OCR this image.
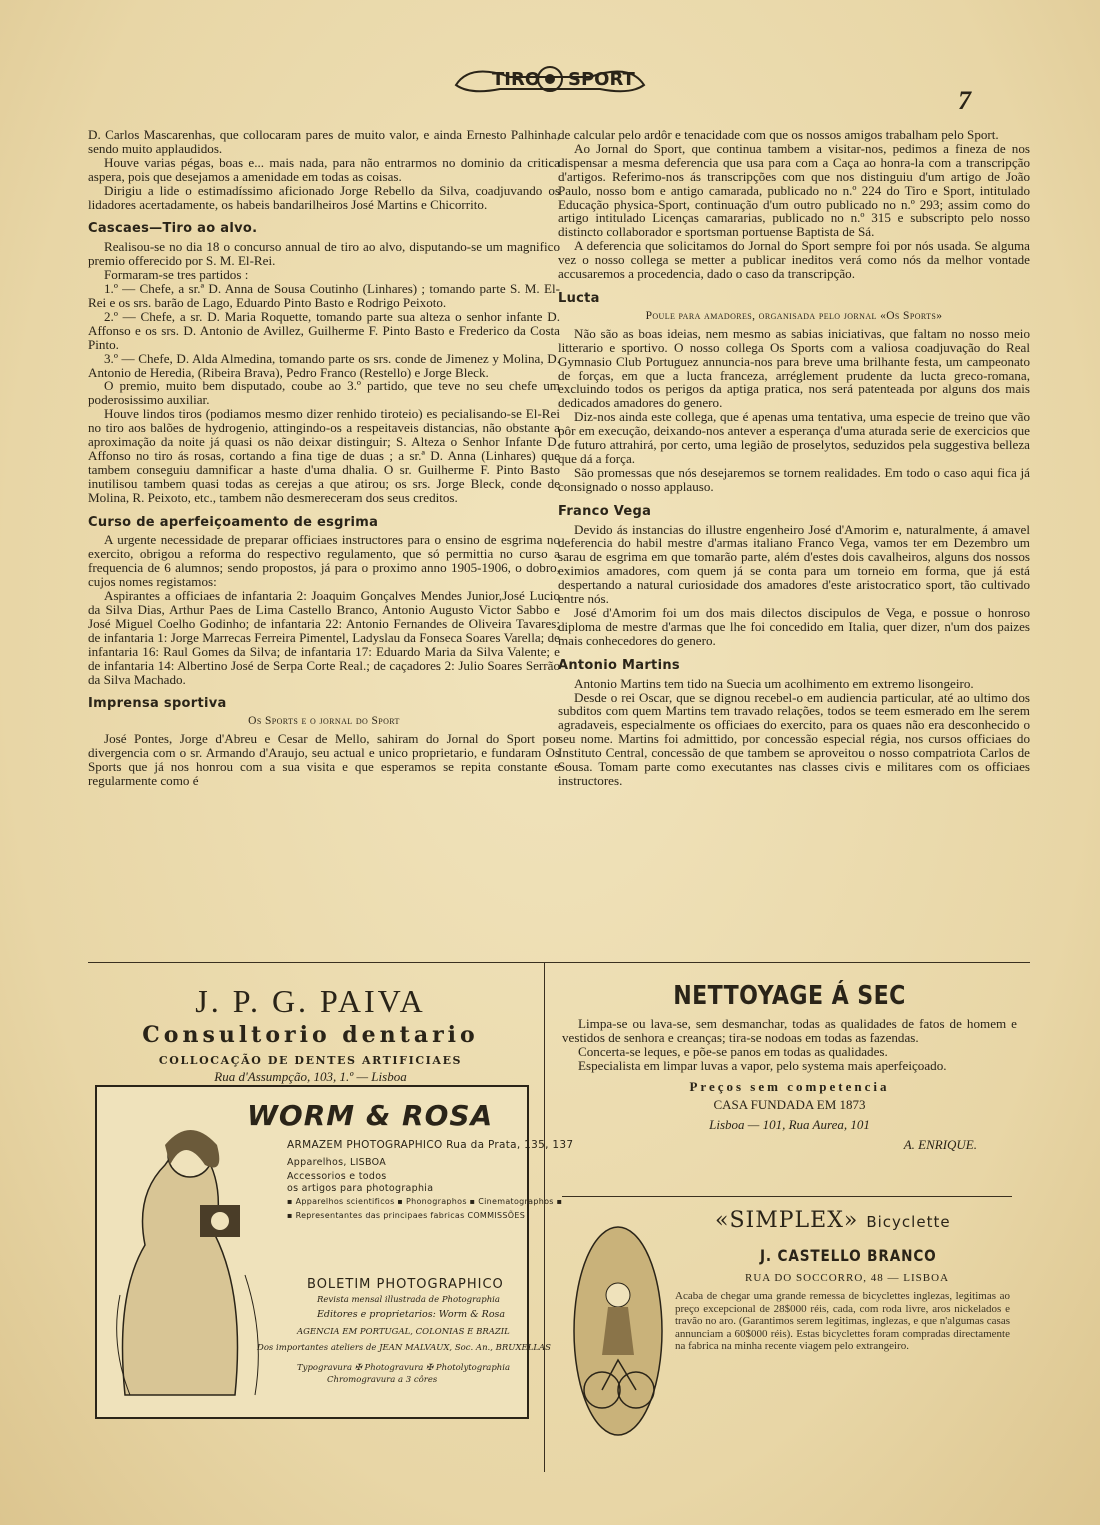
TIRO SPORT
7

D. Carlos Mascarenhas, que collocaram pares de muito valor, e ainda Ernesto Palhinha, sendo muito applaudidos.

Houve varias pégas, boas e... mais nada, para não entrarmos no dominio da critica aspera, pois que desejamos a amenidade em todas as coisas.

Dirigiu a lide o estimadíssimo aficionado Jorge Rebello da Silva, coadjuvando os lidadores acertadamente, os habeis bandarilheiros José Martins e Chicorrito.

Cascaes—Tiro ao alvo.

Realisou-se no dia 18 o concurso annual de tiro ao alvo, disputando-se um magnifico premio offerecido por S. M. El-Rei.

Formaram-se tres partidos :

1.º — Chefe, a sr.ª D. Anna de Sousa Coutinho (Linhares) ; tomando parte S. M. El-Rei e os srs. barão de Lago, Eduardo Pinto Basto e Rodrigo Peixoto.

2.º — Chefe, a sr. D. Maria Roquette, tomando parte sua alteza o senhor infante D. Affonso e os srs. D. Antonio de Avillez, Guilherme F. Pinto Basto e Frederico da Costa Pinto.

3.º — Chefe, D. Alda Almedina, tomando parte os srs. conde de Jimenez y Molina, D. Antonio de Heredia, (Ribeira Brava), Pedro Franco (Restello) e Jorge Bleck.

O premio, muito bem disputado, coube ao 3.º partido, que teve no seu chefe um poderosissimo auxiliar.

Houve lindos tiros (podiamos mesmo dizer renhido tiroteio) es pecialisando-se El-Rei no tiro aos balões de hydrogenio, attingindo-os a respeitaveis distancias, não obstante a aproximação da noite já quasi os não deixar distinguir; S. Alteza o Senhor Infante D. Affonso no tiro ás rosas, cortando a fina tige de duas ; a sr.ª D. Anna (Linhares) que tambem conseguiu damnificar a haste d'uma dhalia. O sr. Guilherme F. Pinto Basto inutilisou tambem quasi todas as cerejas a que atirou; os srs. Jorge Bleck, conde de Molina, R. Peixoto, etc., tambem não desmereceram dos seus creditos.

Curso de aperfeiçoamento de esgrima

A urgente necessidade de preparar officiaes instructores para o ensino de esgrima no exercito, obrigou a reforma do respectivo regulamento, que só permittia no curso a frequencia de 6 alumnos; sendo propostos, já para o proximo anno 1905-1906, o dobro, cujos nomes registamos:

Aspirantes a officiaes de infantaria 2: Joaquim Gonçalves Mendes Junior,José Lucio da Silva Dias, Arthur Paes de Lima Castello Branco, Antonio Augusto Victor Sabbo e José Miguel Coelho Godinho; de infantaria 22: Antonio Fernandes de Oliveira Tavares; de infantaria 1: Jorge Marrecas Ferreira Pimentel, Ladyslau da Fonseca Soares Varella; de infantaria 16: Raul Gomes da Silva; de infantaria 17: Eduardo Maria da Silva Valente; e de infantaria 14: Albertino José de Serpa Corte Real.; de caçadores 2: Julio Soares Serrão da Silva Machado.

Imprensa sportiva

Os Sports e o jornal do Sport

José Pontes, Jorge d'Abreu e Cesar de Mello, sahiram do Jornal do Sport por divergencia com o sr. Armando d'Araujo, seu actual e unico proprietario, e fundaram Os Sports que já nos honrou com a sua visita e que esperamos se repita constante e regularmente como é

de calcular pelo ardôr e tenacidade com que os nossos amigos trabalham pelo Sport.

Ao Jornal do Sport, que continua tambem a visitar-nos, pedimos a fineza de nos dispensar a mesma deferencia que usa para com a Caça ao honra-la com a transcripção d'artigos. Referimo-nos ás transcripções com que nos distinguiu d'um artigo de João Paulo, nosso bom e antigo camarada, publicado no n.º 224 do Tiro e Sport, intitulado Educação physica-Sport, continuação d'um outro publicado no n.º 293; assim como do artigo intitulado Licenças camararias, publicado no n.º 315 e subscripto pelo nosso distincto collaborador e sportsman portuense Baptista de Sá.

A deferencia que solicitamos do Jornal do Sport sempre foi por nós usada. Se alguma vez o nosso collega se metter a publicar ineditos verá como nós da melhor vontade accusaremos a procedencia, dado o caso da transcripção.

Lucta

Poule para amadores, organisada pelo jornal «Os Sports»

Não são as boas ideias, nem mesmo as sabias iniciativas, que faltam no nosso meio litterario e sportivo. O nosso collega Os Sports com a valiosa coadjuvação do Real Gymnasio Club Portuguez annuncia-nos para breve uma brilhante festa, um campeonato de forças, em que a lucta franceza, arréglement prudente da lucta greco-romana, excluindo todos os perigos da aptiga pratica, nos será patenteada por alguns dos mais dedicados amadores do genero.

Diz-nos ainda este collega, que é apenas uma tentativa, uma especie de treino que vão pôr em execução, deixando-nos antever a esperança d'uma aturada serie de exercicios que de futuro attrahirá, por certo, uma legião de proselytos, seduzidos pela suggestiva belleza que dá a força.

São promessas que nós desejaremos se tornem realidades. Em todo o caso aqui fica já consignado o nosso applauso.

Franco Vega

Devido ás instancias do illustre engenheiro José d'Amorim e, naturalmente, á amavel deferencia do habil mestre d'armas italiano Franco Vega, vamos ter em Dezembro um sarau de esgrima em que tomarão parte, além d'estes dois cavalheiros, alguns dos nossos eximios amadores, com quem já se conta para um torneio em forma, que já está despertando a natural curiosidade dos amadores d'este aristocratico sport, tão cultivado entre nós.

José d'Amorim foi um dos mais dilectos discipulos de Vega, e possue o honroso diploma de mestre d'armas que lhe foi concedido em Italia, quer dizer, n'um dos paizes mais conhecedores do genero.

Antonio Martins

Antonio Martins tem tido na Suecia um acolhimento em extremo lisongeiro.

Desde o rei Oscar, que se dignou recebel-o em audiencia particular, até ao ultimo dos subditos com quem Martins tem travado relações, todos se teem esmerado em lhe serem agradaveis, especialmente os officiaes do exercito, para os quaes não era desconhecido o seu nome. Martins foi admittido, por concessão especial régia, nos cursos officiaes do Instituto Central, concessão de que tambem se aproveitou o nosso compatriota Carlos de Sousa. Tomam parte como executantes nas classes civis e militares com os officiaes instructores.

J. P. G. PAIVA
Consultorio dentario
COLLOCAÇÃO DE DENTES ARTIFICIAES
Rua d'Assumpção, 103, 1.º — Lisboa
WORM & ROSA
ARMAZEM PHOTOGRAPHICO Rua da Prata, 135, 137
Apparelhos, LISBOA
Accessorios e todos
os artigos para photographia
▪ Apparelhos scientificos ▪ Phonographos ▪ Cinematographos ▪
▪ Representantes das principaes fabricas COMMISSÕES
BOLETIM PHOTOGRAPHICO
Revista mensal illustrada de Photographia
Editores e proprietarios: Worm & Rosa
AGENCIA EM PORTUGAL, COLONIAS E BRAZIL
Dos importantes ateliers de JEAN MALVAUX, Soc. An., BRUXELLAS
Typogravura ✠ Photogravura ✠ Photolytographia
Chromogravura a 3 côres
NETTOYAGE Á SEC

Limpa-se ou lava-se, sem desmanchar, todas as qualidades de fatos de homem e vestidos de senhora e creanças; tira-se nodoas em todas as fazendas.

Concerta-se leques, e põe-se panos em todas as qualidades.

Especialista em limpar luvas a vapor, pelo systema mais aperfeiçoado.

Preços sem competencia
CASA FUNDADA EM 1873
Lisboa — 101, Rua Aurea, 101
A. ENRIQUE.
«SIMPLEX» Bicyclette
J. CASTELLO BRANCO
RUA DO SOCCORRO, 48 — LISBOA
Acaba de chegar uma grande remessa de bicyclettes inglezas, legitimas ao preço excepcional de 28$000 réis, cada, com roda livre, aros nickelados e travão no aro. (Garantimos serem legitimas, inglezas, e que n'algumas casas annunciam a 60$000 réis). Estas bicyclettes foram compradas directamente na fabrica na minha recente viagem pelo extrangeiro.
